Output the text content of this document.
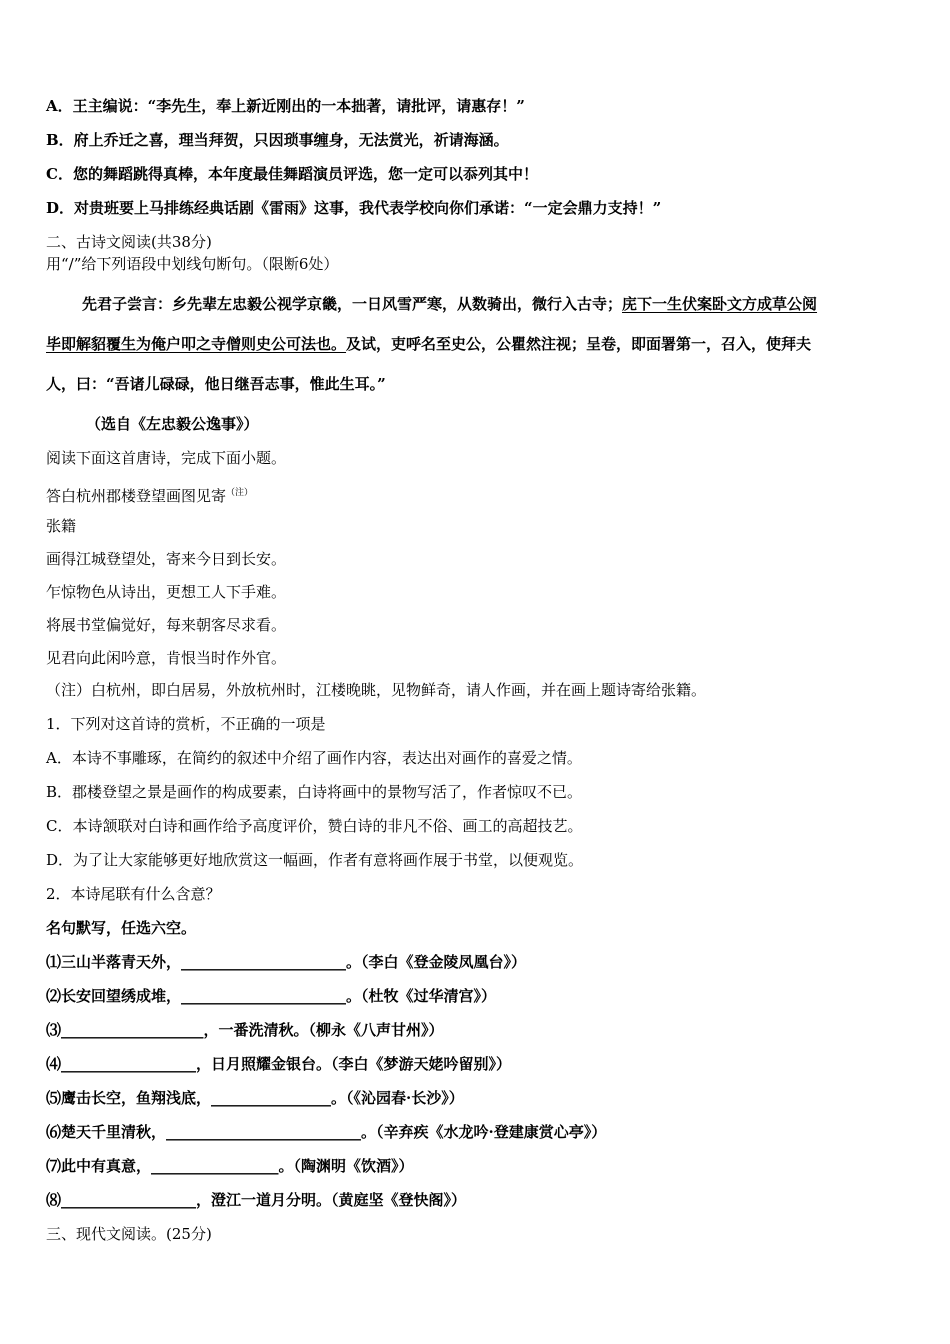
A．王主编说：“李先生，奉上新近刚出的一本拙著，请批评，请惠存！”
B．府上乔迁之喜，理当拜贺，只因琐事缠身，无法赏光，祈请海涵。
C．您的舞蹈跳得真棒，本年度最佳舞蹈演员评选，您一定可以忝列其中！
D．对贵班要上马排练经典话剧《雷雨》这事，我代表学校向你们承诺：“一定会鼎力支持！”
二、古诗文阅读(共38分)
用“/”给下列语段中划线句断句。（限断6处）
先君子尝言：乡先辈左忠毅公视学京畿，一日风雪严寒，从数骑出，微行入古寺；庑下一生伏案卧文方成草公阅
毕即解貂覆生为俺户叩之寺僧则史公可法也。及试，吏呼名至史公，公瞿然注视；呈卷，即面署第一，召入，使拜夫
人，曰：“吾诸儿碌碌，他日继吾志事，惟此生耳。”
（选自《左忠毅公逸事》）
阅读下面这首唐诗，完成下面小题。
答白杭州郡楼登望画图见寄$^{(注)}$
张籍
画得江城登望处，寄来今日到长安。
乍惊物色从诗出，更想工人下手难。
将展书堂偏觉好，每来朝客尽求看。
见君向此闲吟意，肯恨当时作外官。
（注）白杭州，即白居易，外放杭州时，江楼晚眺，见物鲜奇，请人作画，并在画上题诗寄给张籍。
1．下列对这首诗的赏析，不正确的一项是
A．本诗不事雕琢，在简约的叙述中介绍了画作内容，表达出对画作的喜爱之情。
B．郡楼登望之景是画作的构成要素，白诗将画中的景物写活了，作者惊叹不已。
C．本诗颔联对白诗和画作给予高度评价，赞白诗的非凡不俗、画工的高超技艺。
D．为了让大家能够更好地欣赏这一幅画，作者有意将画作展于书堂，以便观览。
2．本诗尾联有什么含意？
名句默写，任选六空。
⑴三山半落青天外，______________________。（李白《登金陵凤凰台》）
⑵长安回望绣成堆，______________________。（杜牧《过华清宫》）
⑶___________________，一番洗清秋。（柳永《八声甘州》）
⑷__________________，日月照耀金银台。（李白《梦游天姥吟留别》）
⑸鹰击长空，鱼翔浅底，________________。（《沁园春·长沙》）
⑹楚天千里清秋，__________________________。（辛弃疾《水龙吟·登建康赏心亭》）
⑺此中有真意，_________________。（陶渊明《饮酒》）
⑻__________________，澄江一道月分明。（黄庭坚《登快阁》）
三、现代文阅读。(25分)
